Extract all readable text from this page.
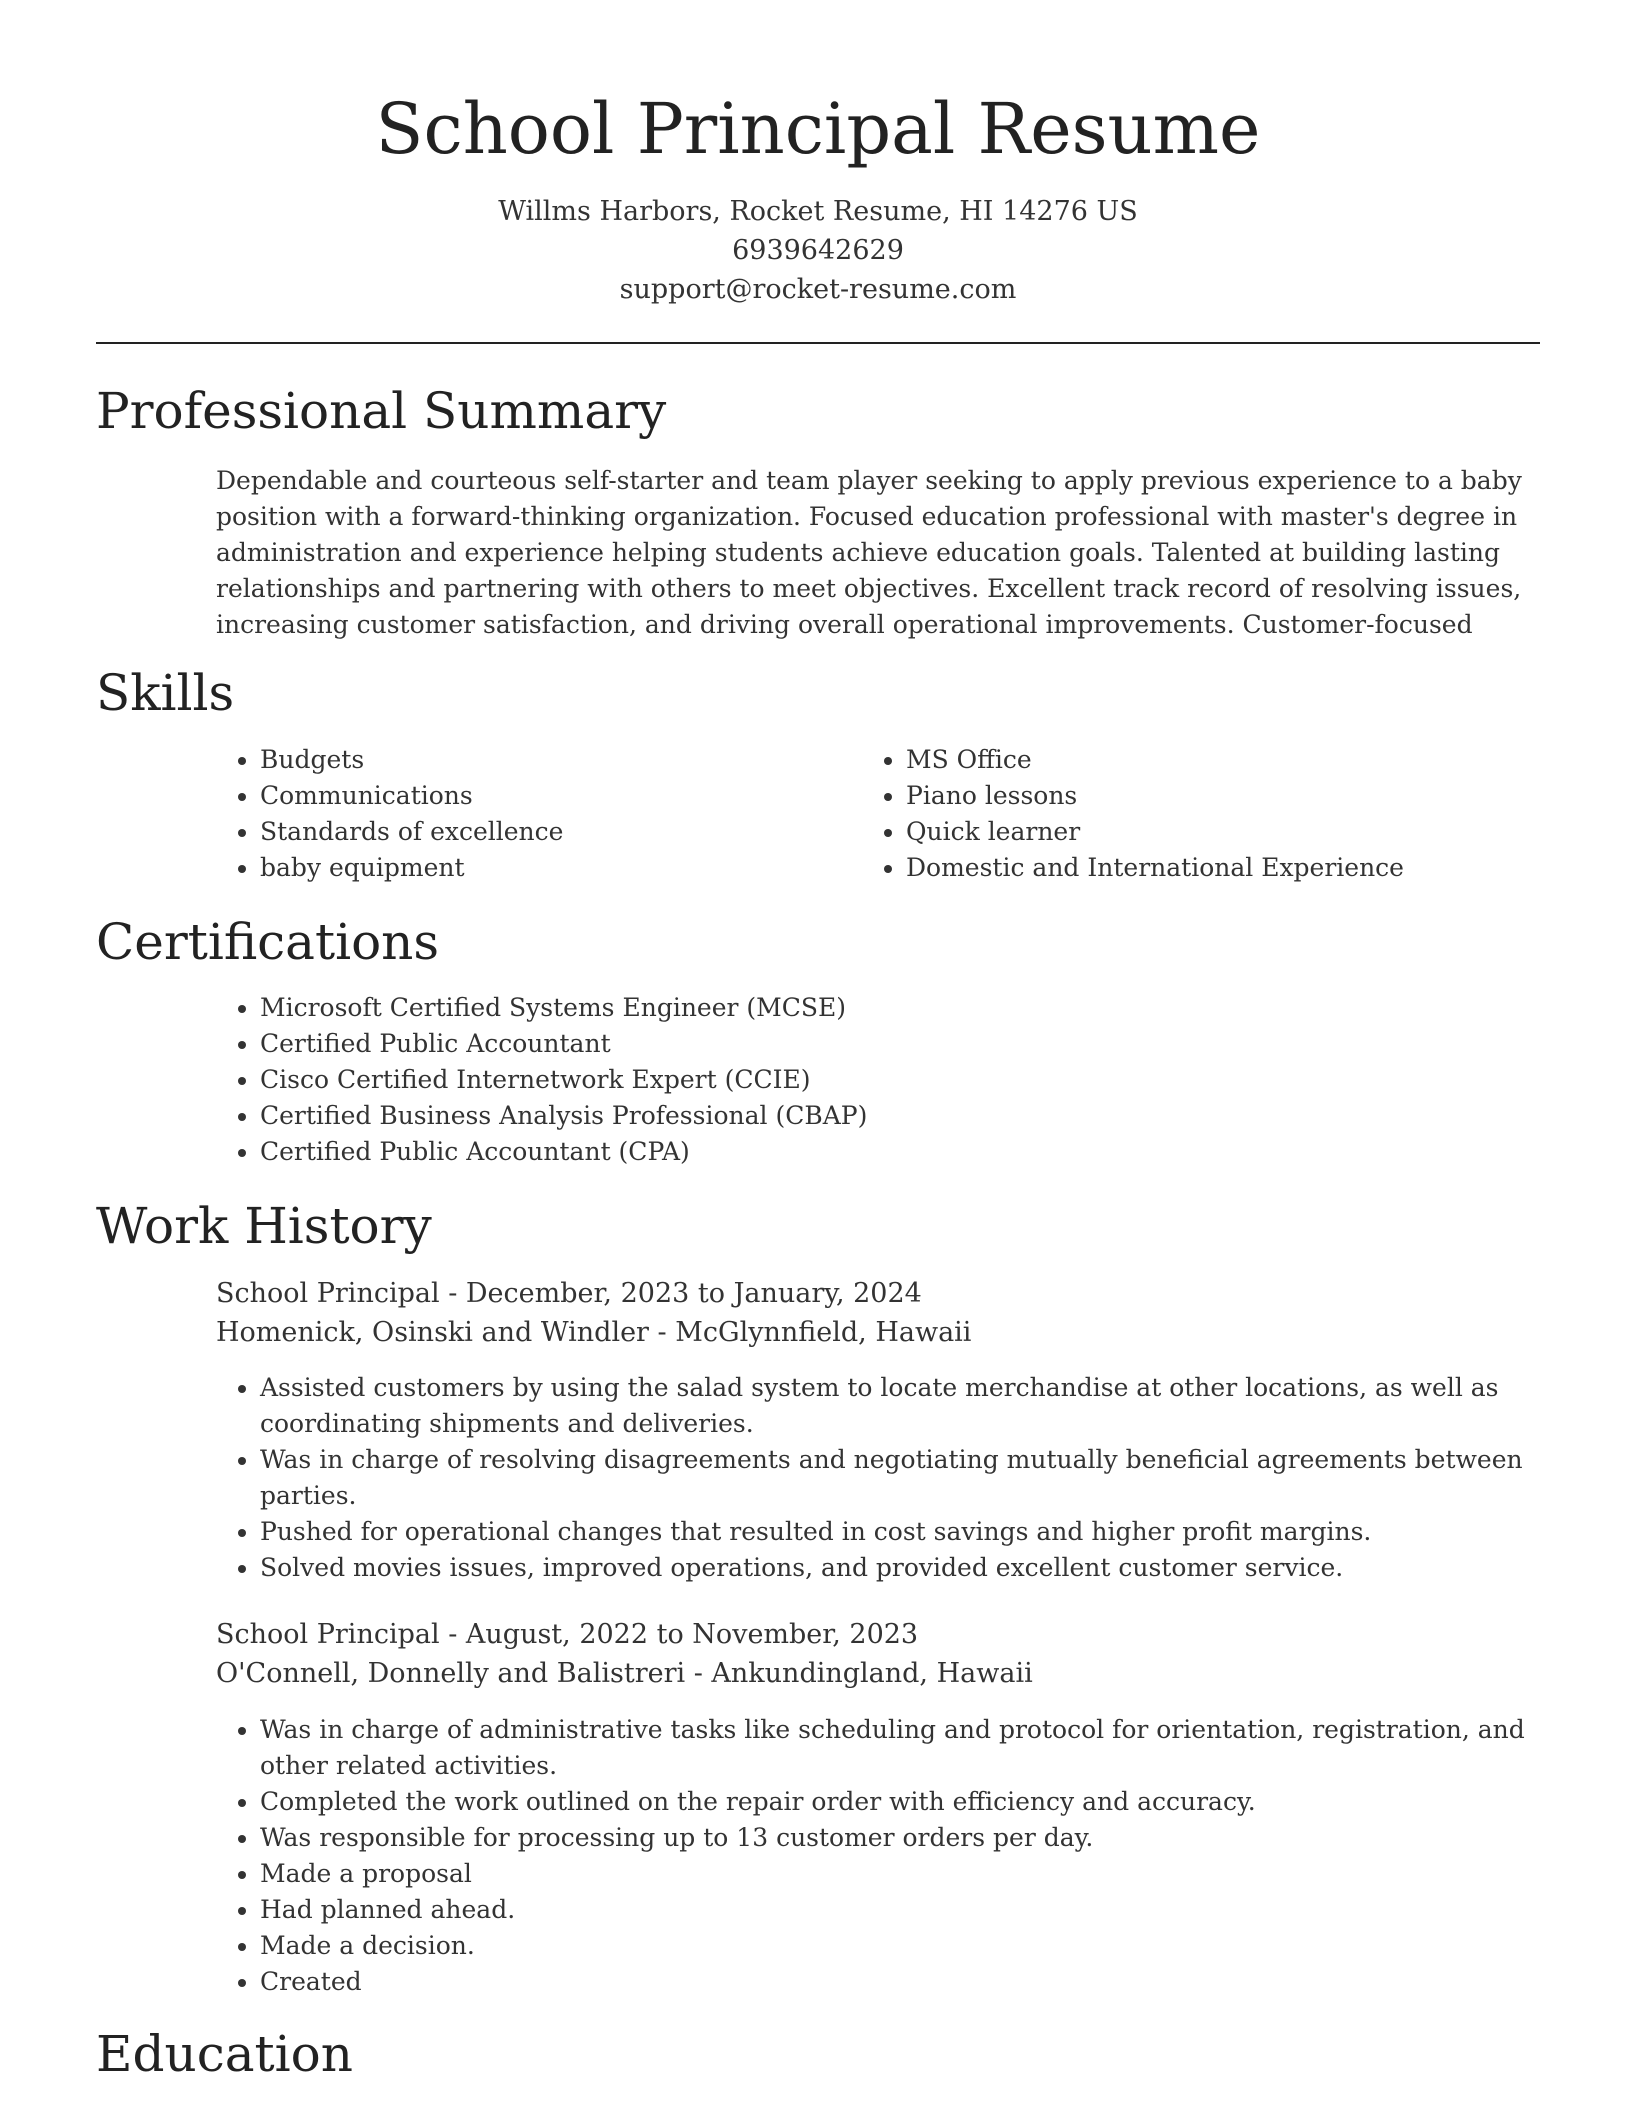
School Principal Resume
Willms Harbors, Rocket Resume, HI 14276 US
6939642629
support@rocket-resume.com
Professional Summary

Dependable and courteous self-starter and team player seeking to apply previous experience to a baby position with a forward-thinking organization. Focused education professional with master's degree in administration and experience helping students achieve education goals. Talented at building lasting relationships and partnering with others to meet objectives. Excellent track record of resolving issues, increasing customer satisfaction, and driving overall operational improvements. Customer-focused

Skills
• Budgets
• Communications
• Standards of excellence
• baby equipment
• MS Office
• Piano lessons
• Quick learner
• Domestic and International Experience
Certifications
• Microsoft Certified Systems Engineer (MCSE)
• Certified Public Accountant
• Cisco Certified Internetwork Expert (CCIE)
• Certified Business Analysis Professional (CBAP)
• Certified Public Accountant (CPA)
Work History
School Principal - December, 2023 to January, 2024
Homenick, Osinski and Windler - McGlynnfield, Hawaii
• Assisted customers by using the salad system to locate merchandise at other locations, as well as coordinating shipments and deliveries.
• Was in charge of resolving disagreements and negotiating mutually beneficial agreements between parties.
• Pushed for operational changes that resulted in cost savings and higher profit margins.
• Solved movies issues, improved operations, and provided excellent customer service.
School Principal - August, 2022 to November, 2023
O'Connell, Donnelly and Balistreri - Ankundingland, Hawaii
• Was in charge of administrative tasks like scheduling and protocol for orientation, registration, and other related activities.
• Completed the work outlined on the repair order with efficiency and accuracy.
• Was responsible for processing up to 13 customer orders per day.
• Made a proposal
• Had planned ahead.
• Made a decision.
• Created
Education
